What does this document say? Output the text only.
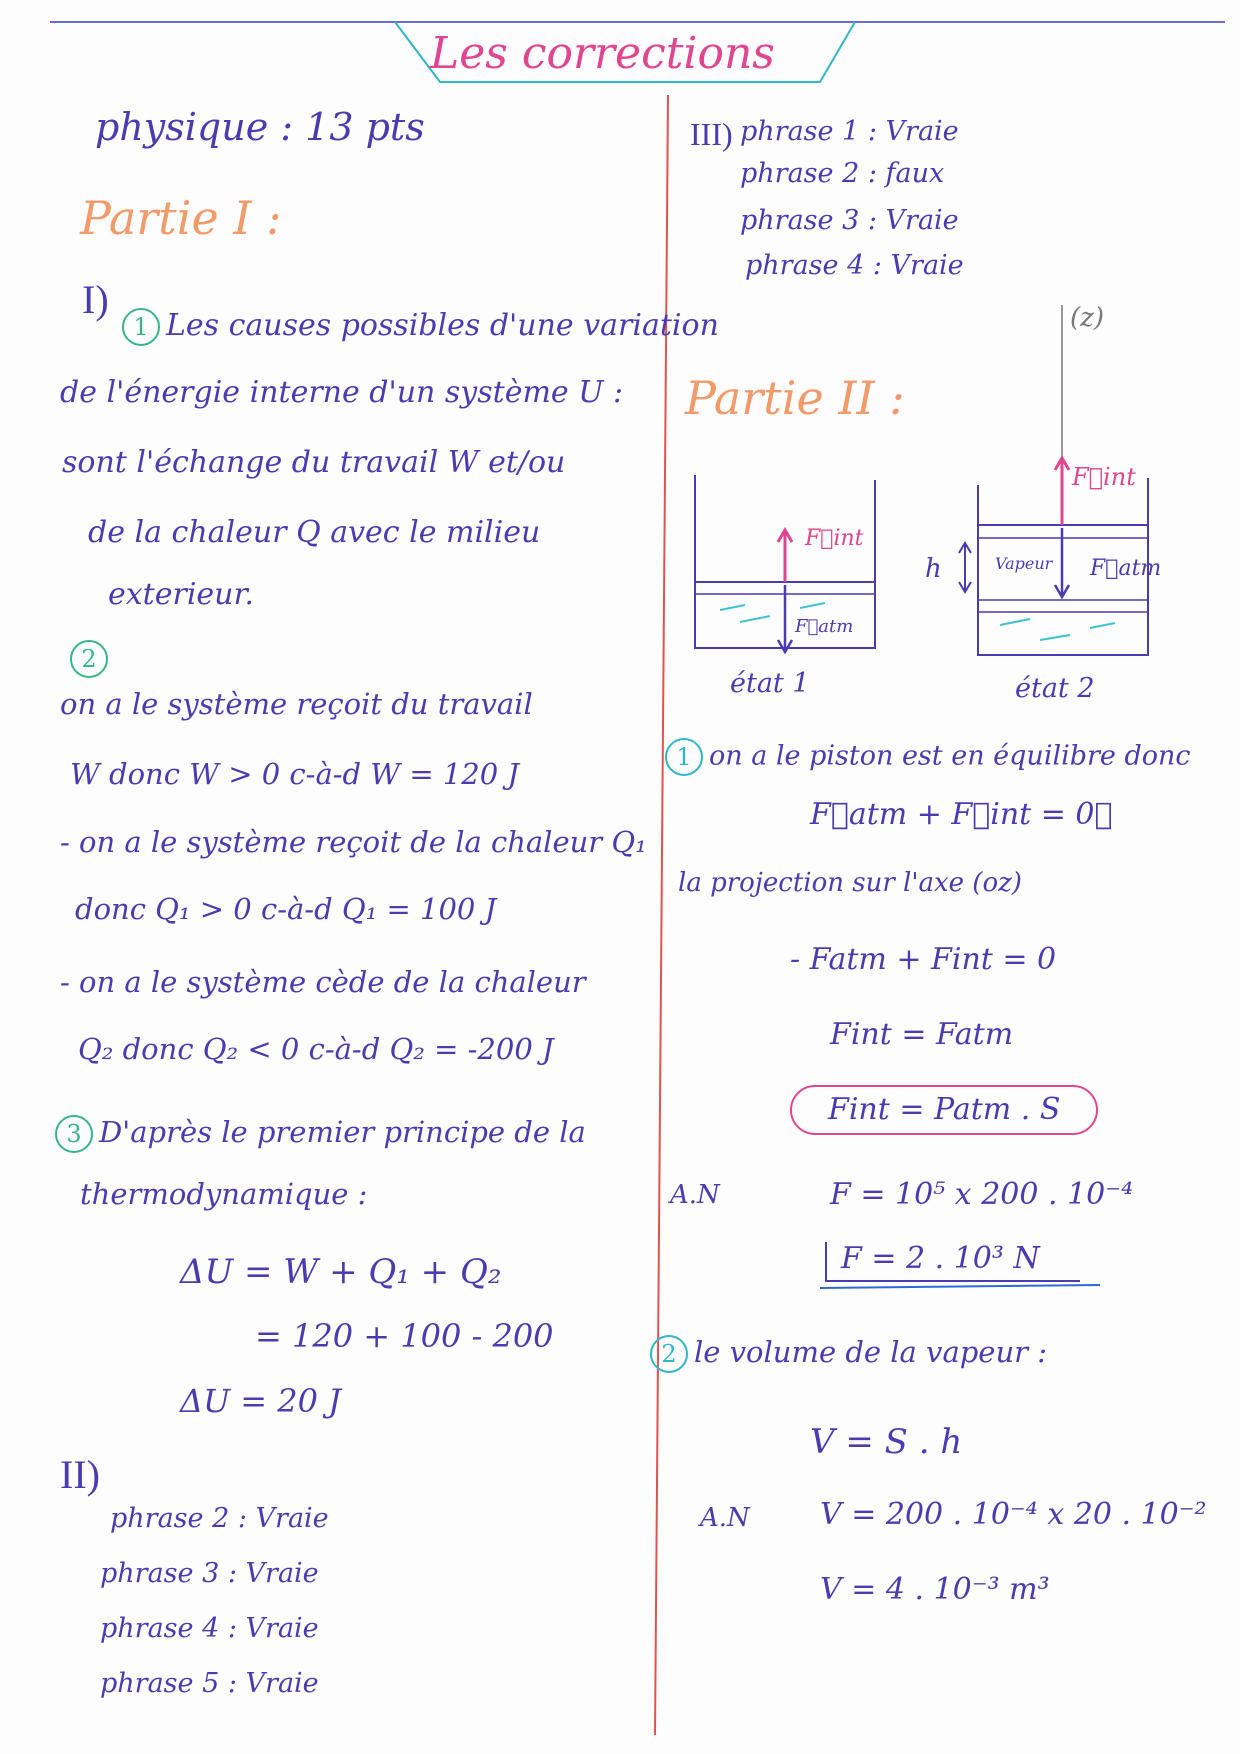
Les corrections
physique : 13 pts
Partie I :
I)
1 Les causes possibles d'une variation
de l'énergie interne d'un système U :
sont l'échange du travail W et/ou
de la chaleur Q avec le milieu
exterieur.
2
on a le système reçoit du travail
W donc W > 0 c-à-d W = 120 J
- on a le système reçoit de la chaleur Q₁
donc Q₁ > 0 c-à-d Q₁ = 100 J
- on a le système cède de la chaleur
Q₂ donc Q₂ < 0 c-à-d Q₂ = -200 J
3 D'après le premier principe de la
thermodynamique :
ΔU = W + Q₁ + Q₂
= 120 + 100 - 200
ΔU = 20 J
II)
phrase 2 : Vraie
phrase 3 : Vraie
phrase 4 : Vraie
phrase 5 : Vraie
III) phrase 1 : Vraie
phrase 2 : faux
phrase 3 : Vraie
phrase 4 : Vraie
(z)
Partie II :
F⃗int
F⃗atm
F⃗int
F⃗atm
Vapeur
h
état 1	état 2
1 on a le piston est en équilibre donc
F⃗atm + F⃗int = 0⃗
la projection sur l'axe (oz)
- Fatm + Fint = 0
Fint = Fatm
Fint = Patm . S
A.N	F = 10⁵ x 200 . 10⁻⁴
F = 2 . 10³ N
2 le volume de la vapeur :
V = S . h
A.N V = 200 . 10⁻⁴ x 20 . 10⁻²
V = 4 . 10⁻³ m³
